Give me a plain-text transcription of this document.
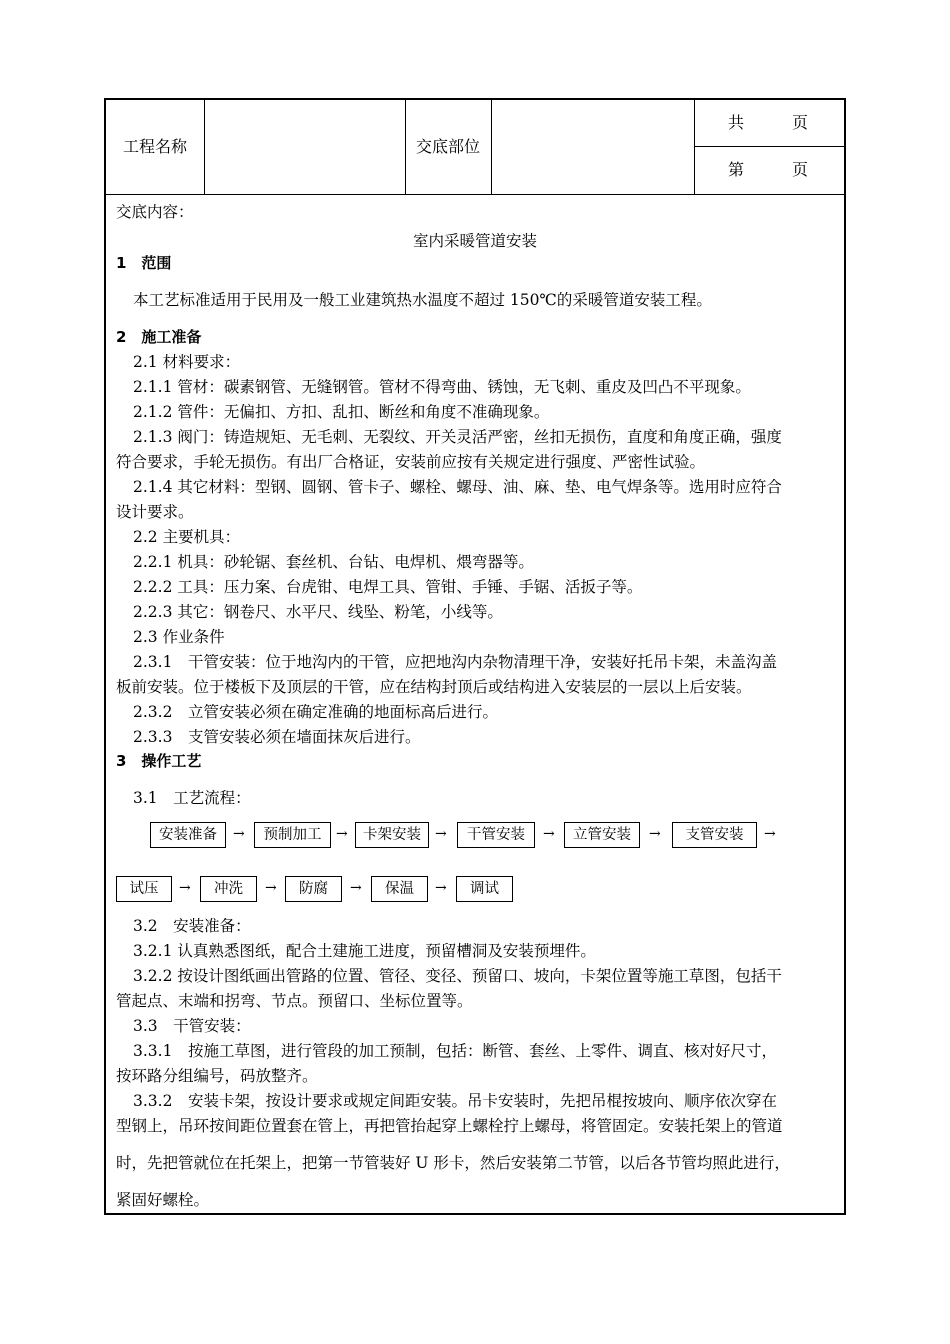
工程名称	交底部位
共　　　页
第　　　页
交底内容：
室内采暖管道安装
1　范围
本工艺标准适用于民用及一般工业建筑热水温度不超过 150℃的采暖管道安装工程。
2　施工准备
2.1 材料要求：
2.1.1 管材：碳素钢管、无缝钢管。管材不得弯曲、锈蚀，无飞刺、重皮及凹凸不平现象。
2.1.2 管件：无偏扣、方扣、乱扣、断丝和角度不准确现象。
2.1.3 阀门：铸造规矩、无毛刺、无裂纹、开关灵活严密，丝扣无损伤，直度和角度正确，强度
符合要求，手轮无损伤。有出厂合格证，安装前应按有关规定进行强度、严密性试验。
2.1.4 其它材料：型钢、圆钢、管卡子、螺栓、螺母、油、麻、垫、电气焊条等。选用时应符合
设计要求。
2.2 主要机具：
2.2.1 机具：砂轮锯、套丝机、台钻、电焊机、煨弯器等。
2.2.2 工具：压力案、台虎钳、电焊工具、管钳、手锤、手锯、活扳子等。
2.2.3 其它：钢卷尺、水平尺、线坠、粉笔，小线等。
2.3 作业条件
2.3.1　干管安装：位于地沟内的干管，应把地沟内杂物清理干净，安装好托吊卡架，未盖沟盖
板前安装。位于楼板下及顶层的干管，应在结构封顶后或结构进入安装层的一层以上后安装。
2.3.2　立管安装必须在确定准确的地面标高后进行。
2.3.3　支管安装必须在墙面抹灰后进行。
3　操作工艺
3.1　工艺流程：
安装准备	→	预制加工	→	卡架安装	→	干管安装	→	立管安装	→	支管安装	→
试压	→	冲洗	→	防腐	→	保温	→	调试
3.2　安装准备：
3.2.1 认真熟悉图纸，配合土建施工进度，预留槽洞及安装预埋件。
3.2.2 按设计图纸画出管路的位置、管径、变径、预留口、坡向，卡架位置等施工草图，包括干
管起点、末端和拐弯、节点。预留口、坐标位置等。
3.3　干管安装：
3.3.1　按施工草图，进行管段的加工预制，包括：断管、套丝、上零件、调直、核对好尺寸，
按环路分组编号，码放整齐。
3.3.2　安装卡架，按设计要求或规定间距安装。吊卡安装时，先把吊棍按坡向、顺序依次穿在
型钢上，吊环按间距位置套在管上，再把管抬起穿上螺栓拧上螺母，将管固定。安装托架上的管道
时，先把管就位在托架上，把第一节管装好 U 形卡，然后安装第二节管，以后各节管均照此进行，
紧固好螺栓。
